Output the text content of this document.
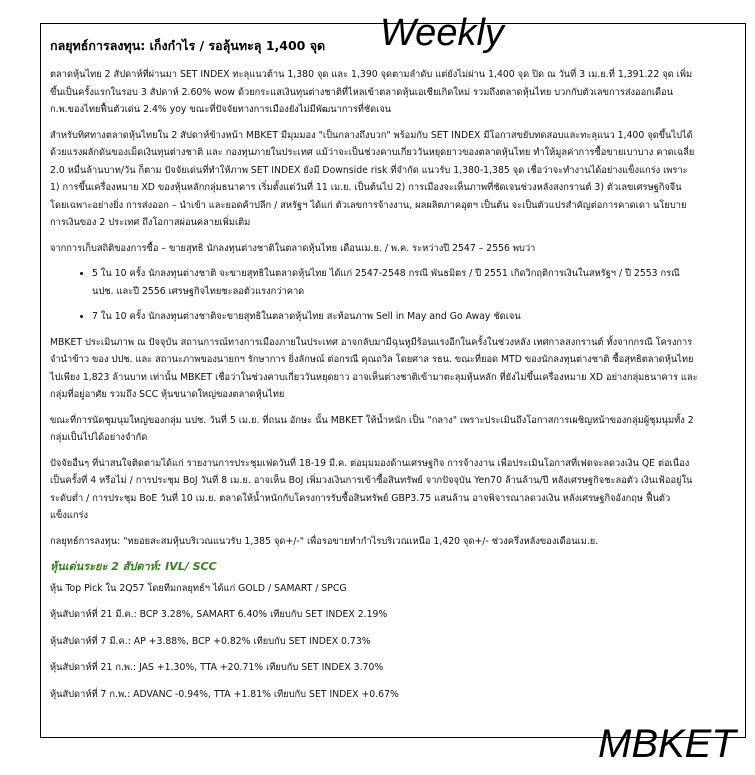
Weekly
กลยุทธ์การลงทุน: เก็งกำไร / รอลุ้นทะลุ 1,400 จุด

ตลาดหุ้นไทย 2 สัปดาห์ที่ผ่านมา SET INDEX ทะลุแนวต้าน 1,380 จุด และ 1,390 จุดตามลำดับ แต่ยังไม่ผ่าน 1,400 จุด ปิด ณ วันที่ 3 เม.ย.ที่ 1,391.22 จุด เพิ่มขึ้นเป็นครั้งแรกในรอบ 3 สัปดาห์ 2.60% wow ด้วยกระแสเงินทุนต่างชาติที่ไหลเข้าตลาดหุ้นเอเชียเกิดใหม่ รวมถึงตลาดหุ้นไทย บวกกับตัวเลขการส่งออกเดือนก.พ.ของไทยฟื้นตัวเด่น 2.4% yoy ขณะที่ปัจจัยทางการเมืองยังไม่มีพัฒนาการที่ชัดเจน

สำหรับทิศทางตลาดหุ้นไทยใน 2 สัปดาห์ข้างหน้า MBKET มีมุมมอง "เป็นกลางถึงบวก" พร้อมกับ SET INDEX มีโอกาสขยับทดสอบและทะลุแนว 1,400 จุดขึ้นไปได้ ด้วยแรงผลักดันของเม็ดเงินทุนต่างชาติ และ กองทุนภายในประเทศ แม้ว่าจะเป็นช่วงคาบเกี่ยววันหยุดยาวของตลาดหุ้นไทย ทำให้มูลค่าการซื้อขายเบาบาง คาดเฉลี่ย 2.0 หมื่นล้านบาท/วัน ก็ตาม ปัจจัยเด่นที่ทำให้ภาพ SET INDEX ยังมี Downside risk ที่จำกัด แนวรับ 1,380-1,385 จุด เชื่อว่าจะทำงานได้อย่างแข็งแกร่ง เพราะ 1) การขึ้นเครื่องหมาย XD ของหุ้นหลักกลุ่มธนาคาร เริ่มตั้งแต่วันที่ 11 เม.ย. เป็นต้นไป 2) การเมืองจะเห็นภาพที่ชัดเจนช่วงหลังสงกรานต์ 3) ตัวเลขเศรษฐกิจจีน โดยเฉพาะอย่างยิ่ง การส่งออก – นำเข้า และยอดค้าปลีก / สหรัฐฯ ได้แก่ ตัวเลขการจ้างงาน, ผลผลิตภาคอุตฯ เป็นต้น จะเป็นตัวแปรสำคัญต่อการคาดเดา นโยบายการเงินของ 2 ประเทศ ถึงโอกาสผ่อนคลายเพิ่มเติม

จากการเก็บสถิติของการซื้อ – ขายสุทธิ นักลงทุนต่างชาติในตลาดหุ้นไทย เดือนเม.ย. / พ.ค. ระหว่างปี 2547 – 2556 พบว่า

• 5 ใน 10 ครั้ง นักลงทุนต่างชาติ จะขายสุทธิในตลาดหุ้นไทย ได้แก่ 2547-2548 กรณี พันธมิตร / ปี 2551 เกิดวิกฤติการเงินในสหรัฐฯ / ปี 2553 กรณี นปช. และปี 2556 เศรษฐกิจไทยชะลอตัวแรงกว่าคาด
• 7 ใน 10 ครั้ง นักลงทุนต่างชาติจะขายสุทธิในตลาดหุ้นไทย สะท้อนภาพ Sell in May and Go Away ชัดเจน

MBKET ประเมินภาพ ณ ปัจจุบัน สถานการณ์ทางการเมืองภายในประเทศ อาจกลับมามีฉุนหูมีร้อนแรงอีกในครั้งในช่วงหลัง เทศกาลสงกรานต์ ทั้งจากกรณี โครงการจำนำข้าว ของ ปปช. และ สถานะภาพของนายกฯ รักษาการ ยิ่งลักษณ์ ต่อกรณี คุณถวิล โดยศาล รธน. ขณะที่ยอด MTD ของนักลงทุนต่างชาติ ซื้อสุทธิตลาดหุ้นไทยไปเพียง 1,823 ล้านบาท เท่านั้น MBKET เชื่อว่าในช่วงคาบเกี่ยววันหยุดยาว อาจเห็นต่างชาติเข้ามาตะลุมหุ้นหลัก ที่ยังไม่ขึ้นเครื่องหมาย XD อย่างกลุ่มธนาคาร และกลุ่มที่อยู่อาศัย รวมถึง SCC หุ้นขนาดใหญ่ของตลาดหุ้นไทย

ขณะที่การนัดชุมนุมใหญ่ของกลุ่ม นปช. วันที่ 5 เม.ย. ที่ถนน อักษะ นั้น MBKET ให้น้ำหนัก เป็น "กลาง" เพราะประเมินถึงโอกาสการเผชิญหน้าของกลุ่มผู้ชุมนุมทั้ง 2 กลุ่มเป็นไปได้อย่างจำกัด

ปัจจัยอื่นๆ ที่น่าสนใจติดตามได้แก่ รายงานการประชุมเฟดวันที่ 18-19 มี.ค. ต่อมุมมองด้านเศรษฐกิจ การจ้างงาน เพื่อประเมินโอกาสที่เฟดจะลดวงเงิน QE ต่อเนื่องเป็นครั้งที่ 4 หรือไม่ / การประชุม BoJ วันที่ 8 เม.ย. อาจเห็น BoJ เพิ่มวงเงินการเข้าซื้อสินทรัพย์ จากปัจจุบัน Yen70 ล้านล้าน/ปี หลังเศรษฐกิจชะลอตัว เงินเฟ้ออยู่ในระดับต่ำ / การประชุม BoE วันที่ 10 เม.ย. ตลาดให้น้ำหนักกับโครงการรับซื้อสินทรัพย์ GBP3.75 แสนล้าน อาจพิจารณาลดวงเงิน หลังเศรษฐกิจอังกฤษ ฟื้นตัวแข็งแกร่ง

กลยุทธ์การลงทุน: "ทยอยสะสมหุ้นบริเวณแนวรับ 1,385 จุด+/-" เพื่อรอขายทำกำไรบริเวณเหนือ 1,420 จุด+/- ช่วงครึ่งหลังของเดือนเม.ย.

หุ้นเด่นระยะ 2 สัปดาห์: IVL/ SCC
หุ้น Top Pick ใน 2Q57 โดยทีมกลยุทธ์ฯ ได้แก่ GOLD / SAMART / SPCG
หุ้นสัปดาห์ที่ 21 มี.ค.: BCP 3.28%, SAMART 6.40% เทียบกับ SET INDEX 2.19%
หุ้นสัปดาห์ที่ 7 มี.ค.: AP +3.88%, BCP +0.82% เทียบกับ SET INDEX 0.73%
หุ้นสัปดาห์ที่ 21 ก.พ.: JAS +1.30%, TTA +20.71% เทียบกับ SET INDEX 3.70%
หุ้นสัปดาห์ที่ 7 ก.พ.: ADVANC -0.94%, TTA +1.81% เทียบกับ SET INDEX +0.67%
MBKET
